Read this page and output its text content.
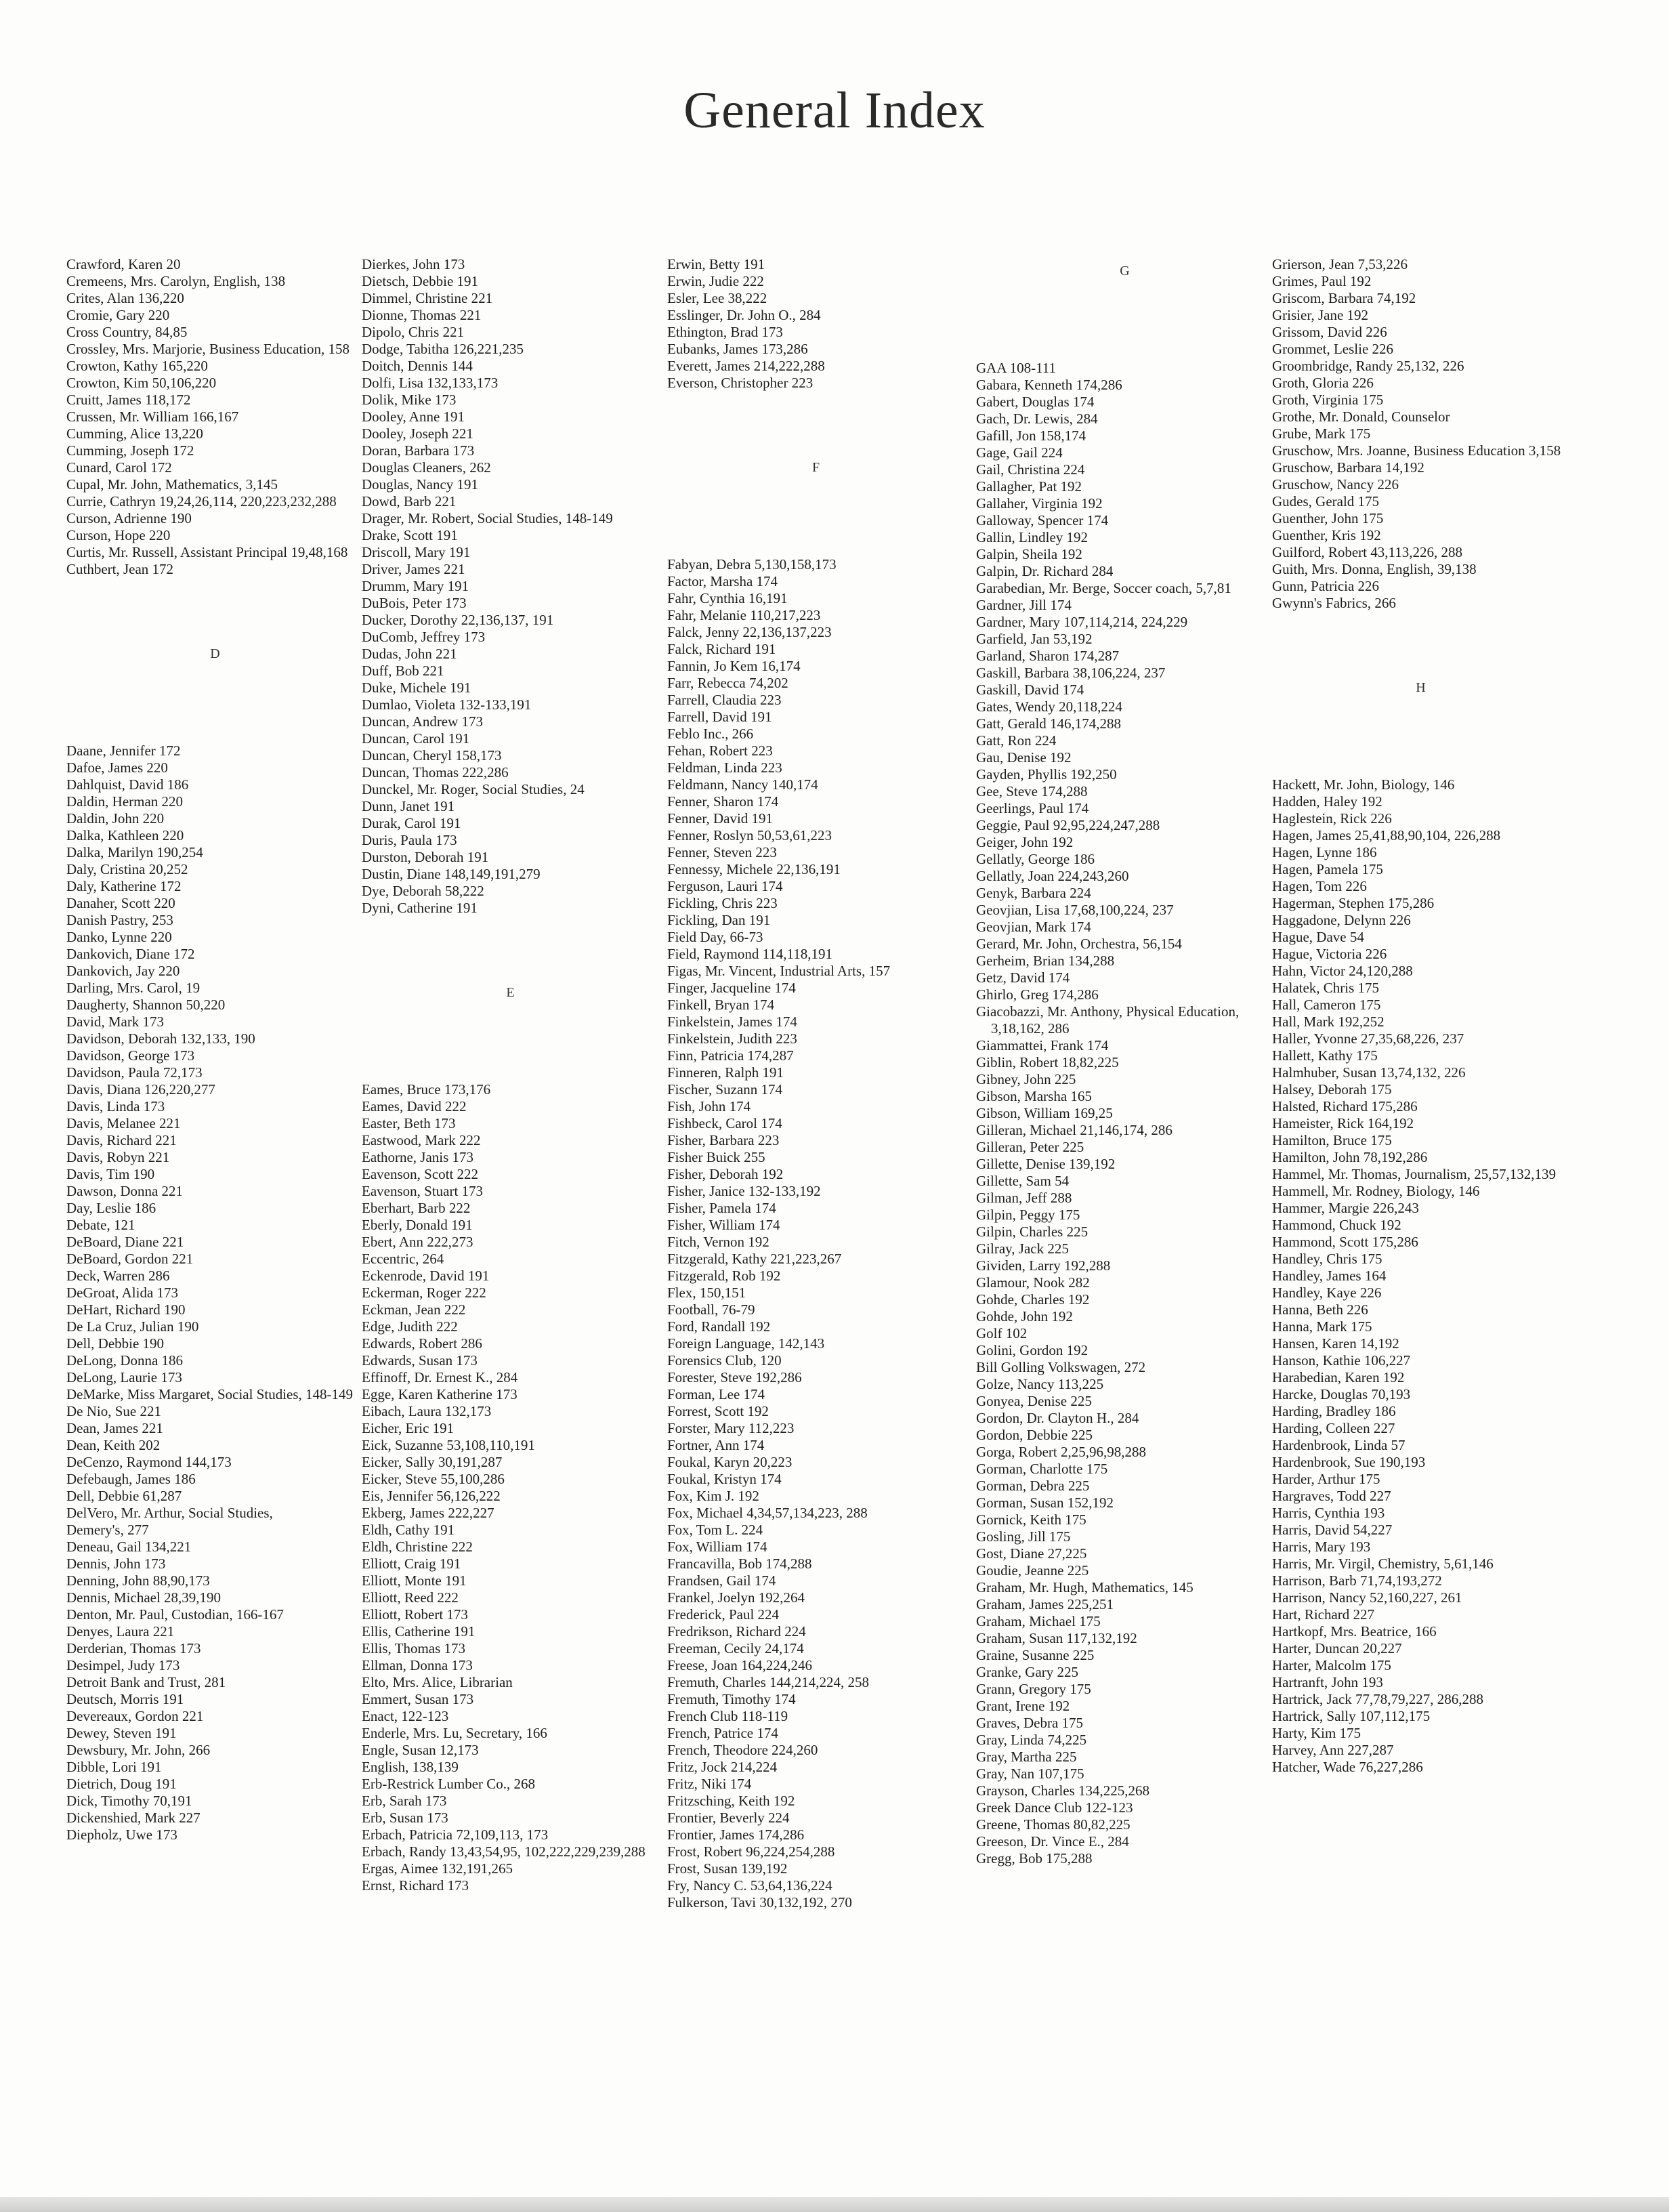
General Index

Crawford, Karen 20

Cremeens, Mrs. Carolyn, English, 138

Crites, Alan 136,220

Cromie, Gary 220

Cross Country, 84,85

Crossley, Mrs. Marjorie, Business Education, 158

Crowton, Kathy 165,220

Crowton, Kim 50,106,220

Cruitt, James 118,172

Crussen, Mr. William 166,167

Cumming, Alice 13,220

Cumming, Joseph 172

Cunard, Carol 172

Cupal, Mr. John, Mathematics, 3,145

Currie, Cathryn 19,24,26,114, 220,223,232,288

Curson, Adrienne 190

Curson, Hope 220

Curtis, Mr. Russell, Assistant Principal 19,48,168

Cuthbert, Jean 172

D

Daane, Jennifer 172

Dafoe, James 220

Dahlquist, David 186

Daldin, Herman 220

Daldin, John 220

Dalka, Kathleen 220

Dalka, Marilyn 190,254

Daly, Cristina 20,252

Daly, Katherine 172

Danaher, Scott 220

Danish Pastry, 253

Danko, Lynne 220

Dankovich, Diane 172

Dankovich, Jay 220

Darling, Mrs. Carol, 19

Daugherty, Shannon 50,220

David, Mark 173

Davidson, Deborah 132,133, 190

Davidson, George 173

Davidson, Paula 72,173

Davis, Diana 126,220,277

Davis, Linda 173

Davis, Melanee 221

Davis, Richard 221

Davis, Robyn 221

Davis, Tim 190

Dawson, Donna 221

Day, Leslie 186

Debate, 121

DeBoard, Diane 221

DeBoard, Gordon 221

Deck, Warren 286

DeGroat, Alida 173

DeHart, Richard 190

De La Cruz, Julian 190

Dell, Debbie 190

DeLong, Donna 186

DeLong, Laurie 173

DeMarke, Miss Margaret, Social Studies, 148-149

De Nio, Sue 221

Dean, James 221

Dean, Keith 202

DeCenzo, Raymond 144,173

Defebaugh, James 186

Dell, Debbie 61,287

DelVero, Mr. Arthur, Social Studies,

Demery's, 277

Deneau, Gail 134,221

Dennis, John 173

Denning, John 88,90,173

Dennis, Michael 28,39,190

Denton, Mr. Paul, Custodian, 166-167

Denyes, Laura 221

Derderian, Thomas 173

Desimpel, Judy 173

Detroit Bank and Trust, 281

Deutsch, Morris 191

Devereaux, Gordon 221

Dewey, Steven 191

Dewsbury, Mr. John, 266

Dibble, Lori 191

Dietrich, Doug 191

Dick, Timothy 70,191

Dickenshied, Mark 227

Diepholz, Uwe 173

Dierkes, John 173

Dietsch, Debbie 191

Dimmel, Christine 221

Dionne, Thomas 221

Dipolo, Chris 221

Dodge, Tabitha 126,221,235

Doitch, Dennis 144

Dolfi, Lisa 132,133,173

Dolik, Mike 173

Dooley, Anne 191

Dooley, Joseph 221

Doran, Barbara 173

Douglas Cleaners, 262

Douglas, Nancy 191

Dowd, Barb 221

Drager, Mr. Robert, Social Studies, 148-149

Drake, Scott 191

Driscoll, Mary 191

Driver, James 221

Drumm, Mary 191

DuBois, Peter 173

Ducker, Dorothy 22,136,137, 191

DuComb, Jeffrey 173

Dudas, John 221

Duff, Bob 221

Duke, Michele 191

Dumlao, Violeta 132-133,191

Duncan, Andrew 173

Duncan, Carol 191

Duncan, Cheryl 158,173

Duncan, Thomas 222,286

Dunckel, Mr. Roger, Social Studies, 24

Dunn, Janet 191

Durak, Carol 191

Duris, Paula 173

Durston, Deborah 191

Dustin, Diane 148,149,191,279

Dye, Deborah 58,222

Dyni, Catherine 191

E

Eames, Bruce 173,176

Eames, David 222

Easter, Beth 173

Eastwood, Mark 222

Eathorne, Janis 173

Eavenson, Scott 222

Eavenson, Stuart 173

Eberhart, Barb 222

Eberly, Donald 191

Ebert, Ann 222,273

Eccentric, 264

Eckenrode, David 191

Eckerman, Roger 222

Eckman, Jean 222

Edge, Judith 222

Edwards, Robert 286

Edwards, Susan 173

Effinoff, Dr. Ernest K., 284

Egge, Karen Katherine 173

Eibach, Laura 132,173

Eicher, Eric 191

Eick, Suzanne 53,108,110,191

Eicker, Sally 30,191,287

Eicker, Steve 55,100,286

Eis, Jennifer 56,126,222

Ekberg, James 222,227

Eldh, Cathy 191

Eldh, Christine 222

Elliott, Craig 191

Elliott, Monte 191

Elliott, Reed 222

Elliott, Robert 173

Ellis, Catherine 191

Ellis, Thomas 173

Ellman, Donna 173

Elto, Mrs. Alice, Librarian

Emmert, Susan 173

Enact, 122-123

Enderle, Mrs. Lu, Secretary, 166

Engle, Susan 12,173

English, 138,139

Erb-Restrick Lumber Co., 268

Erb, Sarah 173

Erb, Susan 173

Erbach, Patricia 72,109,113, 173

Erbach, Randy 13,43,54,95, 102,222,229,239,288

Ergas, Aimee 132,191,265

Ernst, Richard 173

Erwin, Betty 191

Erwin, Judie 222

Esler, Lee 38,222

Esslinger, Dr. John O., 284

Ethington, Brad 173

Eubanks, James 173,286

Everett, James 214,222,288

Everson, Christopher 223

F

Fabyan, Debra 5,130,158,173

Factor, Marsha 174

Fahr, Cynthia 16,191

Fahr, Melanie 110,217,223

Falck, Jenny 22,136,137,223

Falck, Richard 191

Fannin, Jo Kem 16,174

Farr, Rebecca 74,202

Farrell, Claudia 223

Farrell, David 191

Feblo Inc., 266

Fehan, Robert 223

Feldman, Linda 223

Feldmann, Nancy 140,174

Fenner, Sharon 174

Fenner, David 191

Fenner, Roslyn 50,53,61,223

Fenner, Steven 223

Fennessy, Michele 22,136,191

Ferguson, Lauri 174

Fickling, Chris 223

Fickling, Dan 191

Field Day, 66-73

Field, Raymond 114,118,191

Figas, Mr. Vincent, Industrial Arts, 157

Finger, Jacqueline 174

Finkell, Bryan 174

Finkelstein, James 174

Finkelstein, Judith 223

Finn, Patricia 174,287

Finneren, Ralph 191

Fischer, Suzann 174

Fish, John 174

Fishbeck, Carol 174

Fisher, Barbara 223

Fisher Buick 255

Fisher, Deborah 192

Fisher, Janice 132-133,192

Fisher, Pamela 174

Fisher, William 174

Fitch, Vernon 192

Fitzgerald, Kathy 221,223,267

Fitzgerald, Rob 192

Flex, 150,151

Football, 76-79

Ford, Randall 192

Foreign Language, 142,143

Forensics Club, 120

Forester, Steve 192,286

Forman, Lee 174

Forrest, Scott 192

Forster, Mary 112,223

Fortner, Ann 174

Foukal, Karyn 20,223

Foukal, Kristyn 174

Fox, Kim J. 192

Fox, Michael 4,34,57,134,223, 288

Fox, Tom L. 224

Fox, William 174

Francavilla, Bob 174,288

Frandsen, Gail 174

Frankel, Joelyn 192,264

Frederick, Paul 224

Fredrikson, Richard 224

Freeman, Cecily 24,174

Freese, Joan 164,224,246

Fremuth, Charles 144,214,224, 258

Fremuth, Timothy 174

French Club 118-119

French, Patrice 174

French, Theodore 224,260

Fritz, Jock 214,224

Fritz, Niki 174

Fritzsching, Keith 192

Frontier, Beverly 224

Frontier, James 174,286

Frost, Robert 96,224,254,288

Frost, Susan 139,192

Fry, Nancy C. 53,64,136,224

Fulkerson, Tavi 30,132,192, 270

G

GAA 108-111

Gabara, Kenneth 174,286

Gabert, Douglas 174

Gach, Dr. Lewis, 284

Gafill, Jon 158,174

Gage, Gail 224

Gail, Christina 224

Gallagher, Pat 192

Gallaher, Virginia 192

Galloway, Spencer 174

Gallin, Lindley 192

Galpin, Sheila 192

Galpin, Dr. Richard 284

Garabedian, Mr. Berge, Soccer coach, 5,7,81

Gardner, Jill 174

Gardner, Mary 107,114,214, 224,229

Garfield, Jan 53,192

Garland, Sharon 174,287

Gaskill, Barbara 38,106,224, 237

Gaskill, David 174

Gates, Wendy 20,118,224

Gatt, Gerald 146,174,288

Gatt, Ron 224

Gau, Denise 192

Gayden, Phyllis 192,250

Gee, Steve 174,288

Geerlings, Paul 174

Geggie, Paul 92,95,224,247,288

Geiger, John 192

Gellatly, George 186

Gellatly, Joan 224,243,260

Genyk, Barbara 224

Geovjian, Lisa 17,68,100,224, 237

Geovjian, Mark 174

Gerard, Mr. John, Orchestra, 56,154

Gerheim, Brian 134,288

Getz, David 174

Ghirlo, Greg 174,286

Giacobazzi, Mr. Anthony, Physical Education, 3,18,162, 286

Giammattei, Frank 174

Giblin, Robert 18,82,225

Gibney, John 225

Gibson, Marsha 165

Gibson, William 169,25

Gilleran, Michael 21,146,174, 286

Gilleran, Peter 225

Gillette, Denise 139,192

Gillette, Sam 54

Gilman, Jeff 288

Gilpin, Peggy 175

Gilpin, Charles 225

Gilray, Jack 225

Gividen, Larry 192,288

Glamour, Nook 282

Gohde, Charles 192

Gohde, John 192

Golf 102

Golini, Gordon 192

Bill Golling Volkswagen, 272

Golze, Nancy 113,225

Gonyea, Denise 225

Gordon, Dr. Clayton H., 284

Gordon, Debbie 225

Gorga, Robert 2,25,96,98,288

Gorman, Charlotte 175

Gorman, Debra 225

Gorman, Susan 152,192

Gornick, Keith 175

Gosling, Jill 175

Gost, Diane 27,225

Goudie, Jeanne 225

Graham, Mr. Hugh, Mathematics, 145

Graham, James 225,251

Graham, Michael 175

Graham, Susan 117,132,192

Graine, Susanne 225

Granke, Gary 225

Grann, Gregory 175

Grant, Irene 192

Graves, Debra 175

Gray, Linda 74,225

Gray, Martha 225

Gray, Nan 107,175

Grayson, Charles 134,225,268

Greek Dance Club 122-123

Greene, Thomas 80,82,225

Greeson, Dr. Vince E., 284

Gregg, Bob 175,288

Grierson, Jean 7,53,226

Grimes, Paul 192

Griscom, Barbara 74,192

Grisier, Jane 192

Grissom, David 226

Grommet, Leslie 226

Groombridge, Randy 25,132, 226

Groth, Gloria 226

Groth, Virginia 175

Grothe, Mr. Donald, Counselor

Grube, Mark 175

Gruschow, Mrs. Joanne, Business Education 3,158

Gruschow, Barbara 14,192

Gruschow, Nancy 226

Gudes, Gerald 175

Guenther, John 175

Guenther, Kris 192

Guilford, Robert 43,113,226, 288

Guith, Mrs. Donna, English, 39,138

Gunn, Patricia 226

Gwynn's Fabrics, 266

H

Hackett, Mr. John, Biology, 146

Hadden, Haley 192

Haglestein, Rick 226

Hagen, James 25,41,88,90,104, 226,288

Hagen, Lynne 186

Hagen, Pamela 175

Hagen, Tom 226

Hagerman, Stephen 175,286

Haggadone, Delynn 226

Hague, Dave 54

Hague, Victoria 226

Hahn, Victor 24,120,288

Halatek, Chris 175

Hall, Cameron 175

Hall, Mark 192,252

Haller, Yvonne 27,35,68,226, 237

Hallett, Kathy 175

Halmhuber, Susan 13,74,132, 226

Halsey, Deborah 175

Halsted, Richard 175,286

Hameister, Rick 164,192

Hamilton, Bruce 175

Hamilton, John 78,192,286

Hammel, Mr. Thomas, Journalism, 25,57,132,139

Hammell, Mr. Rodney, Biology, 146

Hammer, Margie 226,243

Hammond, Chuck 192

Hammond, Scott 175,286

Handley, Chris 175

Handley, James 164

Handley, Kaye 226

Hanna, Beth 226

Hanna, Mark 175

Hansen, Karen 14,192

Hanson, Kathie 106,227

Harabedian, Karen 192

Harcke, Douglas 70,193

Harding, Bradley 186

Harding, Colleen 227

Hardenbrook, Linda 57

Hardenbrook, Sue 190,193

Harder, Arthur 175

Hargraves, Todd 227

Harris, Cynthia 193

Harris, David 54,227

Harris, Mary 193

Harris, Mr. Virgil, Chemistry, 5,61,146

Harrison, Barb 71,74,193,272

Harrison, Nancy 52,160,227, 261

Hart, Richard 227

Hartkopf, Mrs. Beatrice, 166

Harter, Duncan 20,227

Harter, Malcolm 175

Hartranft, John 193

Hartrick, Jack 77,78,79,227, 286,288

Hartrick, Sally 107,112,175

Harty, Kim 175

Harvey, Ann 227,287

Hatcher, Wade 76,227,286
